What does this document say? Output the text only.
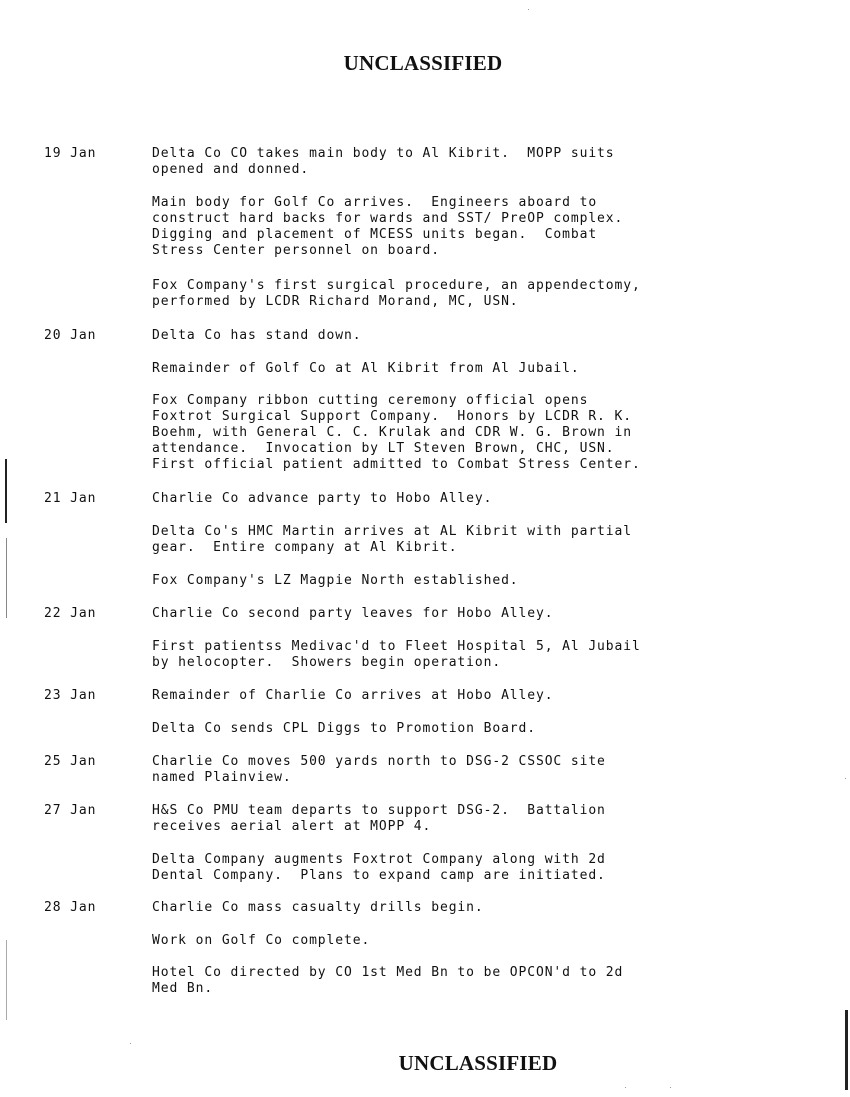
UNCLASSIFIED
19 Jan	Delta Co CO takes main body to Al Kibrit.  MOPP suits
opened and donned.
Main body for Golf Co arrives.  Engineers aboard to
construct hard backs for wards and SST/ PreOP complex.
Digging and placement of MCESS units began.  Combat
Stress Center personnel on board.
Fox Company's first surgical procedure, an appendectomy,
performed by LCDR Richard Morand, MC, USN.
20 Jan	Delta Co has stand down.
Remainder of Golf Co at Al Kibrit from Al Jubail.
Fox Company ribbon cutting ceremony official opens
Foxtrot Surgical Support Company.  Honors by LCDR R. K.
Boehm, with General C. C. Krulak and CDR W. G. Brown in
attendance.  Invocation by LT Steven Brown, CHC, USN.
First official patient admitted to Combat Stress Center.
21 Jan	Charlie Co advance party to Hobo Alley.
Delta Co's HMC Martin arrives at AL Kibrit with partial
gear.  Entire company at Al Kibrit.
Fox Company's LZ Magpie North established.
22 Jan	Charlie Co second party leaves for Hobo Alley.
First patientss Medivac'd to Fleet Hospital 5, Al Jubail
by helocopter.  Showers begin operation.
23 Jan	Remainder of Charlie Co arrives at Hobo Alley.
Delta Co sends CPL Diggs to Promotion Board.
25 Jan	Charlie Co moves 500 yards north to DSG-2 CSSOC site
named Plainview.
27 Jan	H&S Co PMU team departs to support DSG-2.  Battalion
receives aerial alert at MOPP 4.
Delta Company augments Foxtrot Company along with 2d
Dental Company.  Plans to expand camp are initiated.
28 Jan	Charlie Co mass casualty drills begin.
Work on Golf Co complete.
Hotel Co directed by CO 1st Med Bn to be OPCON'd to 2d
Med Bn.
UNCLASSIFIED
